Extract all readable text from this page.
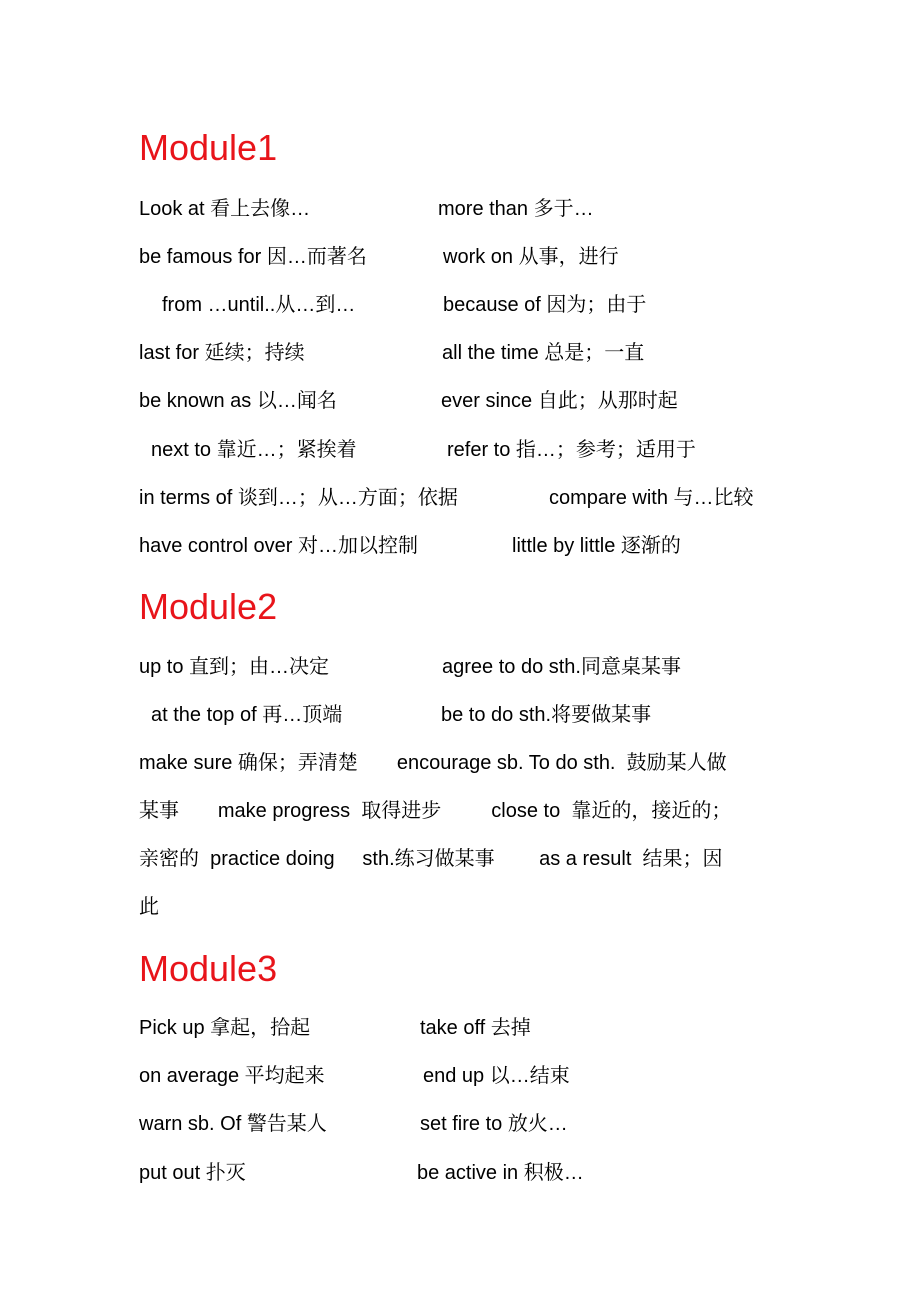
Module1
Look at 看上去像…	more than 多于…
be famous for 因…而著名	work on 从事，进行
from …until..从…到…	because of 因为；由于
last for 延续；持续	all the time 总是；一直
be known as 以…闻名	ever since 自此；从那时起
next to 靠近…；紧挨着	refer to 指…；参考；适用于
in terms of 谈到…；从…方面；依据	compare with 与…比较
have control over 对…加以控制	little by little 逐渐的
Module2
up to 直到；由…决定	agree to do sth.同意桌某事
at the top of 再…顶端	be to do sth.将要做某事
make sure 确保；弄清楚       encourage sb. To do sth.  鼓励某人做
某事       make progress  取得进步         close to  靠近的，接近的；
亲密的  practice doing     sth.练习做某事        as a result  结果；因
此
Module3
Pick up 拿起，拾起	take off 去掉
on average 平均起来	end up 以…结束
warn sb. Of 警告某人	set fire to 放火…
put out 扑灭	be active in 积极…
